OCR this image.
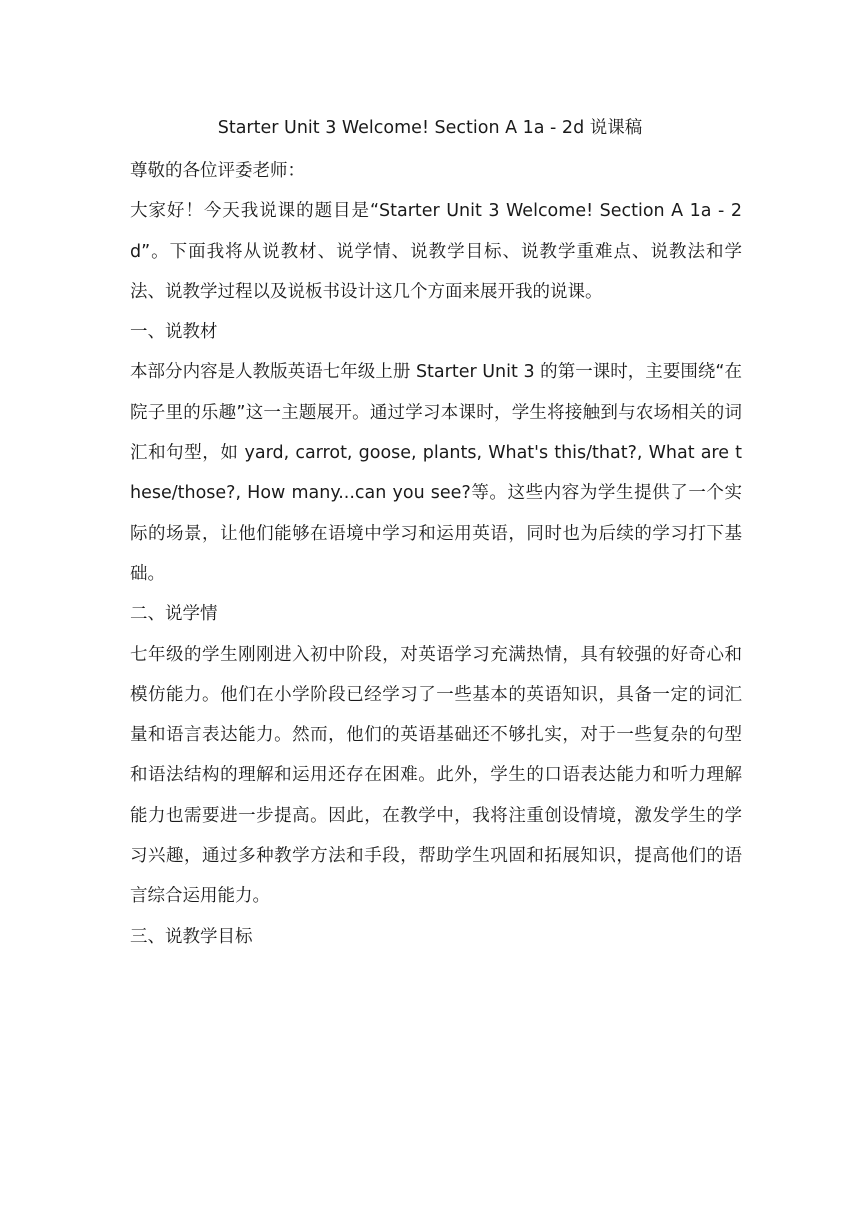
Starter Unit 3 Welcome! Section A 1a - 2d 说课稿

尊敬的各位评委老师：

大家好！今天我说课的题目是“Starter Unit 3 Welcome! Section A 1a - 2d”。下面我将从说教材、说学情、说教学目标、说教学重难点、说教法和学法、说教学过程以及说板书设计这几个方面来展开我的说课。

一、说教材

本部分内容是人教版英语七年级上册 Starter Unit 3 的第一课时，主要围绕“在院子里的乐趣”这一主题展开。通过学习本课时，学生将接触到与农场相关的词汇和句型，如 yard, carrot, goose, plants, What's this/that?, What are these/those?, How many...can you see?等。这些内容为学生提供了一个实际的场景，让他们能够在语境中学习和运用英语，同时也为后续的学习打下基础。

二、说学情

七年级的学生刚刚进入初中阶段，对英语学习充满热情，具有较强的好奇心和模仿能力。他们在小学阶段已经学习了一些基本的英语知识，具备一定的词汇量和语言表达能力。然而，他们的英语基础还不够扎实，对于一些复杂的句型和语法结构的理解和运用还存在困难。此外，学生的口语表达能力和听力理解能力也需要进一步提高。因此，在教学中，我将注重创设情境，激发学生的学习兴趣，通过多种教学方法和手段，帮助学生巩固和拓展知识，提高他们的语言综合运用能力。

三、说教学目标
